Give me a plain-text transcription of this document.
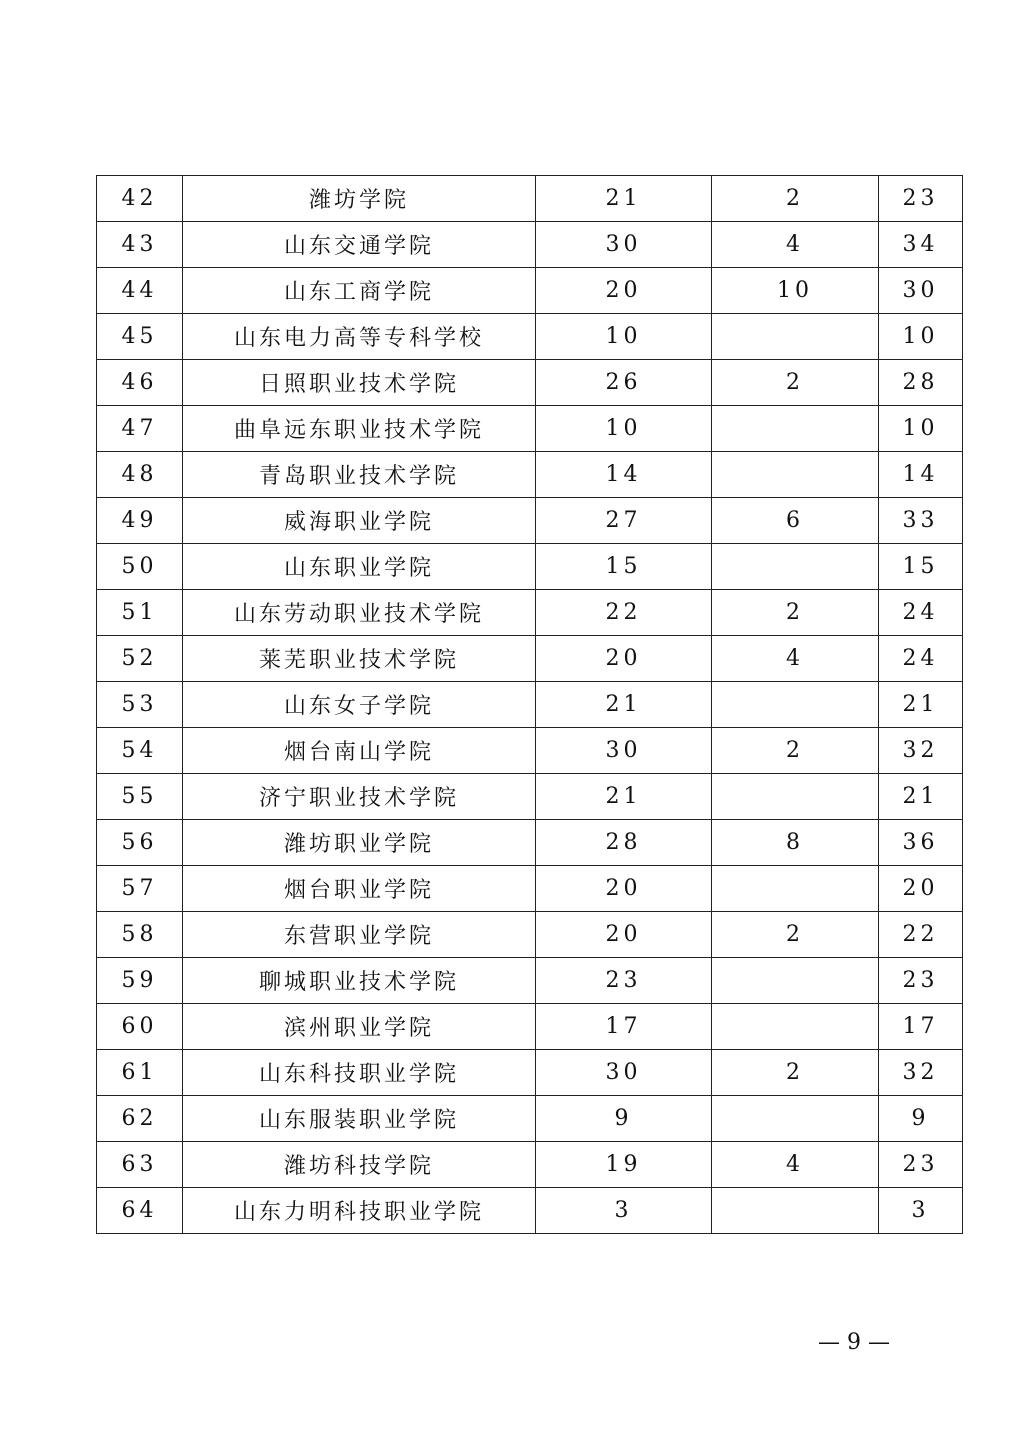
42	潍坊学院	21	2	23
43	山东交通学院	30	4	34
44	山东工商学院	20	10	30
45	山东电力高等专科学校	10		10
46	日照职业技术学院	26	2	28
47	曲阜远东职业技术学院	10		10
48	青岛职业技术学院	14		14
49	威海职业学院	27	6	33
50	山东职业学院	15		15
51	山东劳动职业技术学院	22	2	24
52	莱芜职业技术学院	20	4	24
53	山东女子学院	21		21
54	烟台南山学院	30	2	32
55	济宁职业技术学院	21		21
56	潍坊职业学院	28	8	36
57	烟台职业学院	20		20
58	东营职业学院	20	2	22
59	聊城职业技术学院	23		23
60	滨州职业学院	17		17
61	山东科技职业学院	30	2	32
62	山东服装职业学院	9		9
63	潍坊科技学院	19	4	23
64	山东力明科技职业学院	3		3
— 9 —
